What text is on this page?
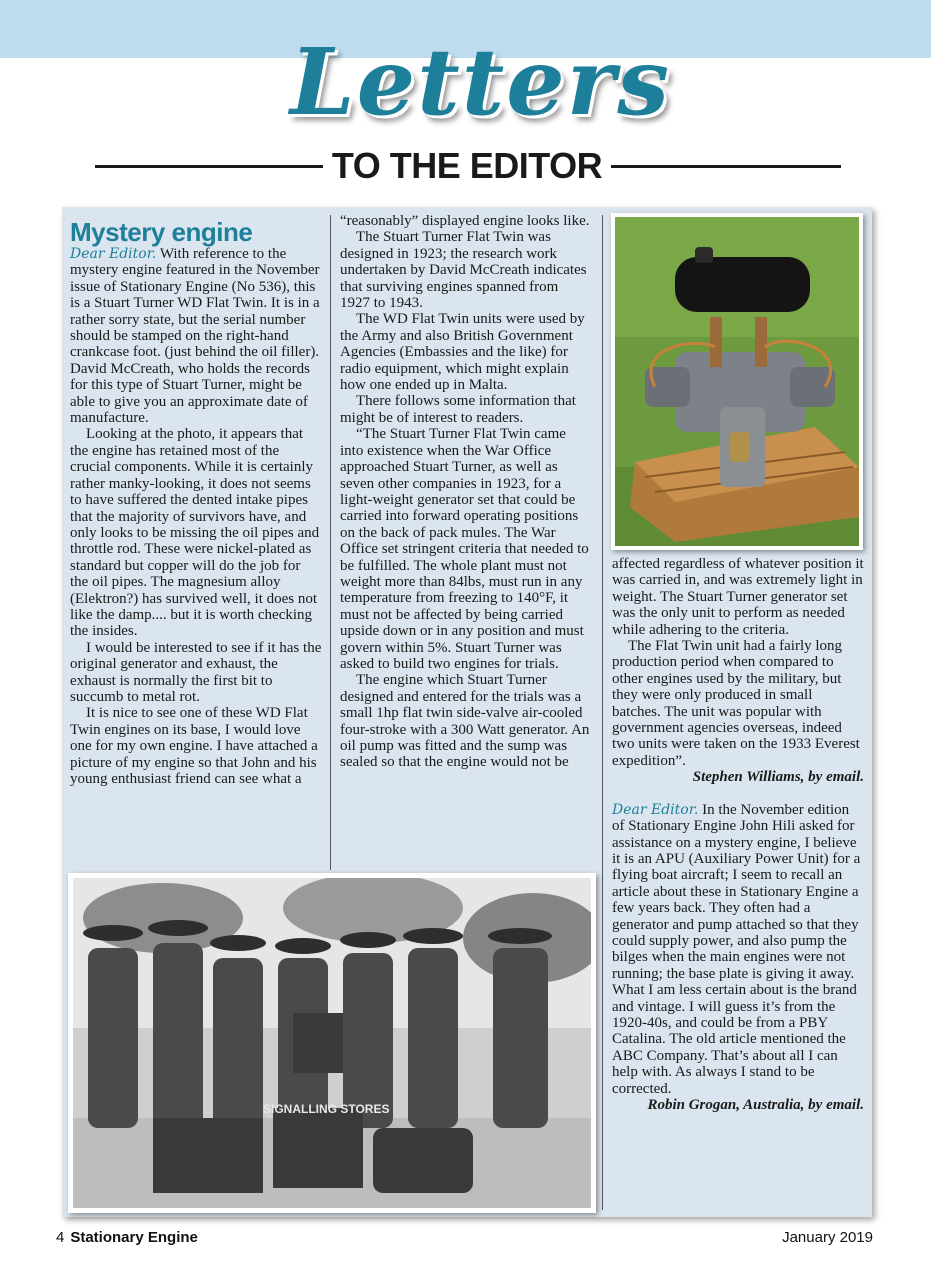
Letters
TO THE EDITOR
Mystery engine

Dear Editor. With reference to the mystery engine featured in the November issue of Stationary Engine (No 536), this is a Stuart Turner WD Flat Twin. It is in a rather sorry state, but the serial number should be stamped on the right-hand crankcase foot. (just behind the oil filler). David McCreath, who holds the records for this type of Stuart Turner, might be able to give you an approximate date of manufacture.

Looking at the photo, it appears that the engine has retained most of the crucial components. While it is certainly rather manky-looking, it does not seems to have suffered the dented intake pipes that the majority of survivors have, and only looks to be missing the oil pipes and throttle rod. These were nickel-plated as standard but copper will do the job for the oil pipes. The magnesium alloy (Elektron?) has survived well, it does not like the damp.... but it is worth checking the insides.

I would be interested to see if it has the original generator and exhaust, the exhaust is normally the first bit to succumb to metal rot.

It is nice to see one of these WD Flat Twin engines on its base, I would love one for my own engine. I have attached a picture of my engine so that John and his young enthusiast friend can see what a

“reasonably” displayed engine looks like.

The Stuart Turner Flat Twin was designed in 1923; the research work undertaken by David McCreath indicates that surviving engines spanned from 1927 to 1943.

The WD Flat Twin units were used by the Army and also British Government Agencies (Embassies and the like) for radio equipment, which might explain how one ended up in Malta.

There follows some information that might be of interest to readers.

“The Stuart Turner Flat Twin came into existence when the War Office approached Stuart Turner, as well as seven other companies in 1923, for a light-weight generator set that could be carried into forward operating positions on the back of pack mules. The War Office set stringent criteria that needed to be fulfilled. The whole plant must not weight more than 84lbs, must run in any temperature from freezing to 140°F, it must not be affected by being carried upside down or in any position and must govern within 5%. Stuart Turner was asked to build two engines for trials.

The engine which Stuart Turner designed and entered for the trials was a small 1hp flat twin side-valve air-cooled four-stroke with a 300 Watt generator. An oil pump was fitted and the sump was sealed so that the engine would not be

affected regardless of whatever position it was carried in, and was extremely light in weight. The Stuart Turner generator set was the only unit to perform as needed while adhering to the criteria.

The Flat Twin unit had a fairly long production period when compared to other engines used by the military, but they were only produced in small batches. The unit was popular with government agencies overseas, indeed two units were taken on the 1933 Everest expedition”.

Stephen Williams, by email.

Dear Editor. In the November edition of Stationary Engine John Hili asked for assistance on a mystery engine, I believe it is an APU (Auxiliary Power Unit) for a flying boat aircraft; I seem to recall an article about these in Stationary Engine a few years back. They often had a generator and pump attached so that they could supply power, and also pump the bilges when the main engines were not running; the base plate is giving it away. What I am less certain about is the brand and vintage. I will guess it’s from the 1920-40s, and could be from a PBY Catalina. The old article mentioned the ABC Company. That’s about all I can help with. As always I stand to be corrected.

Robin Grogan, Australia, by email.

SIGNALLING STORES
4 Stationary Engine	January 2019
